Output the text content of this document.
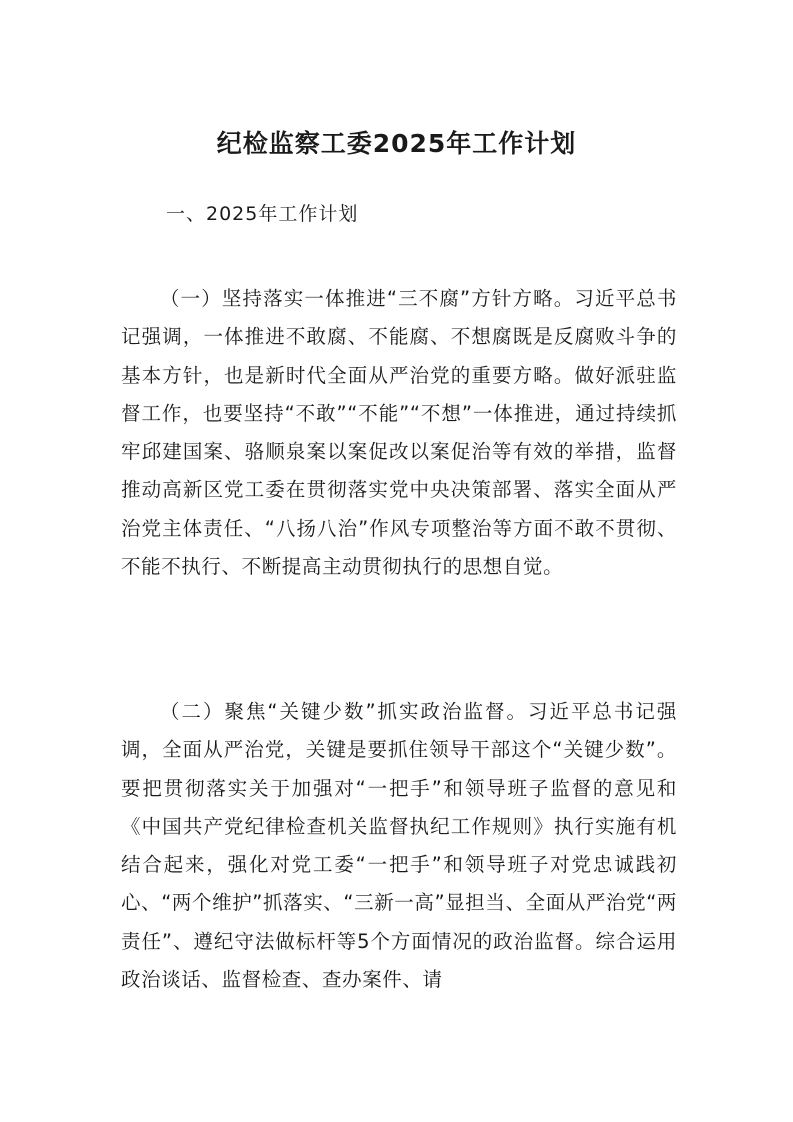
纪检监察工委2025年工作计划
一、2025年工作计划

（一）坚持落实一体推进“三不腐”方针方略。习近平总书记强调，一体推进不敢腐、不能腐、不想腐既是反腐败斗争的基本方针，也是新时代全面从严治党的重要方略。做好派驻监督工作，也要坚持“不敢”“不能”“不想”一体推进，通过持续抓牢邱建国案、骆顺泉案以案促改以案促治等有效的举措，监督推动高新区党工委在贯彻落实党中央决策部署、落实全面从严治党主体责任、“八扬八治”作风专项整治等方面不敢不贯彻、不能不执行、不断提高主动贯彻执行的思想自觉。

（二）聚焦“关键少数”抓实政治监督。习近平总书记强调，全面从严治党，关键是要抓住领导干部这个“关键少数”。要把贯彻落实关于加强对“一把手”和领导班子监督的意见和《中国共产党纪律检查机关监督执纪工作规则》执行实施有机结合起来，强化对党工委“一把手”和领导班子对党忠诚践初心、“两个维护”抓落实、“三新一高”显担当、全面从严治党“两责任”、遵纪守法做标杆等5个方面情况的政治监督。综合运用政治谈话、监督检查、查办案件、请
